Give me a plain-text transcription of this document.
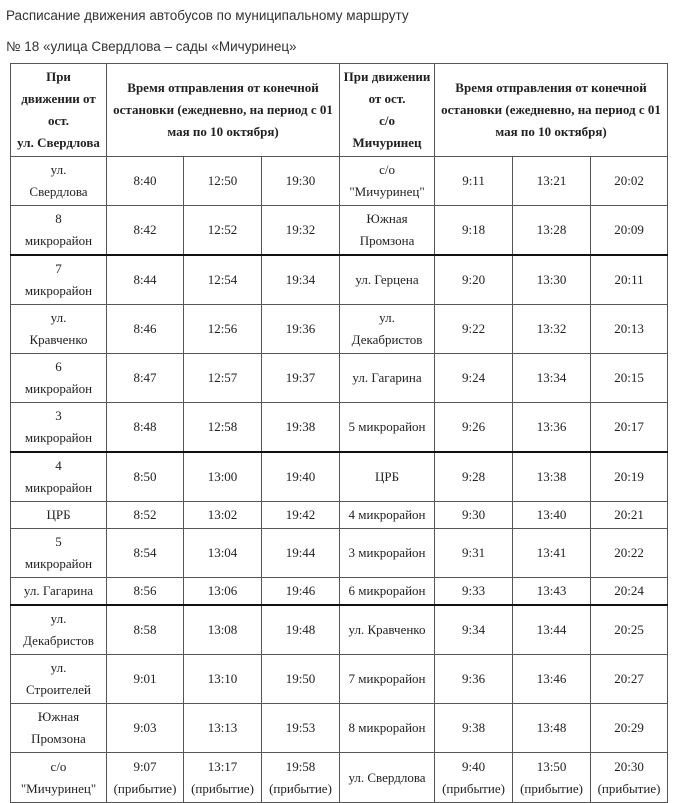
Расписание движения автобусов по муниципальному маршруту
№ 18 «улица Свердлова – сады «Мичуринец»
При
движении от
ост.
ул. Свердлова	Время отправления от конечной
остановки (ежедневно, на период с 01
мая по 10 октября)			При движении
от ост.
с/о
Мичуринец	Время отправления от конечной
остановки (ежедневно, на период с 01
мая по 10 октября)		

ул.
Свердлова	8:40	12:50	19:30	с/о
"Мичуринец"	9:11	13:21	20:02

8
микрорайон	8:42	12:52	19:32	Южная
Промзона	9:18	13:28	20:09

7
микрорайон	8:44	12:54	19:34	ул. Герцена	9:20	13:30	20:11

ул.
Кравченко	8:46	12:56	19:36	ул.
Декабристов	9:22	13:32	20:13

6
микрорайон	8:47	12:57	19:37	ул. Гагарина	9:24	13:34	20:15

3
микрорайон	8:48	12:58	19:38	5 микрорайон	9:26	13:36	20:17

4
микрорайон	8:50	13:00	19:40	ЦРБ	9:28	13:38	20:19

ЦРБ	8:52	13:02	19:42	4 микрорайон	9:30	13:40	20:21

5
микрорайон	8:54	13:04	19:44	3 микрорайон	9:31	13:41	20:22

ул. Гагарина	8:56	13:06	19:46	6 микрорайон	9:33	13:43	20:24

ул.
Декабристов	8:58	13:08	19:48	ул. Кравченко	9:34	13:44	20:25

ул.
Строителей	9:01	13:10	19:50	7 микрорайон	9:36	13:46	20:27

Южная
Промзона	9:03	13:13	19:53	8 микрорайон	9:38	13:48	20:29

с/о
"Мичуринец"	9:07
(прибытие)	13:17
(прибытие)	19:58
(прибытие)	ул. Свердлова	9:40
(прибытие)	13:50
(прибытие)	20:30
(прибытие)
